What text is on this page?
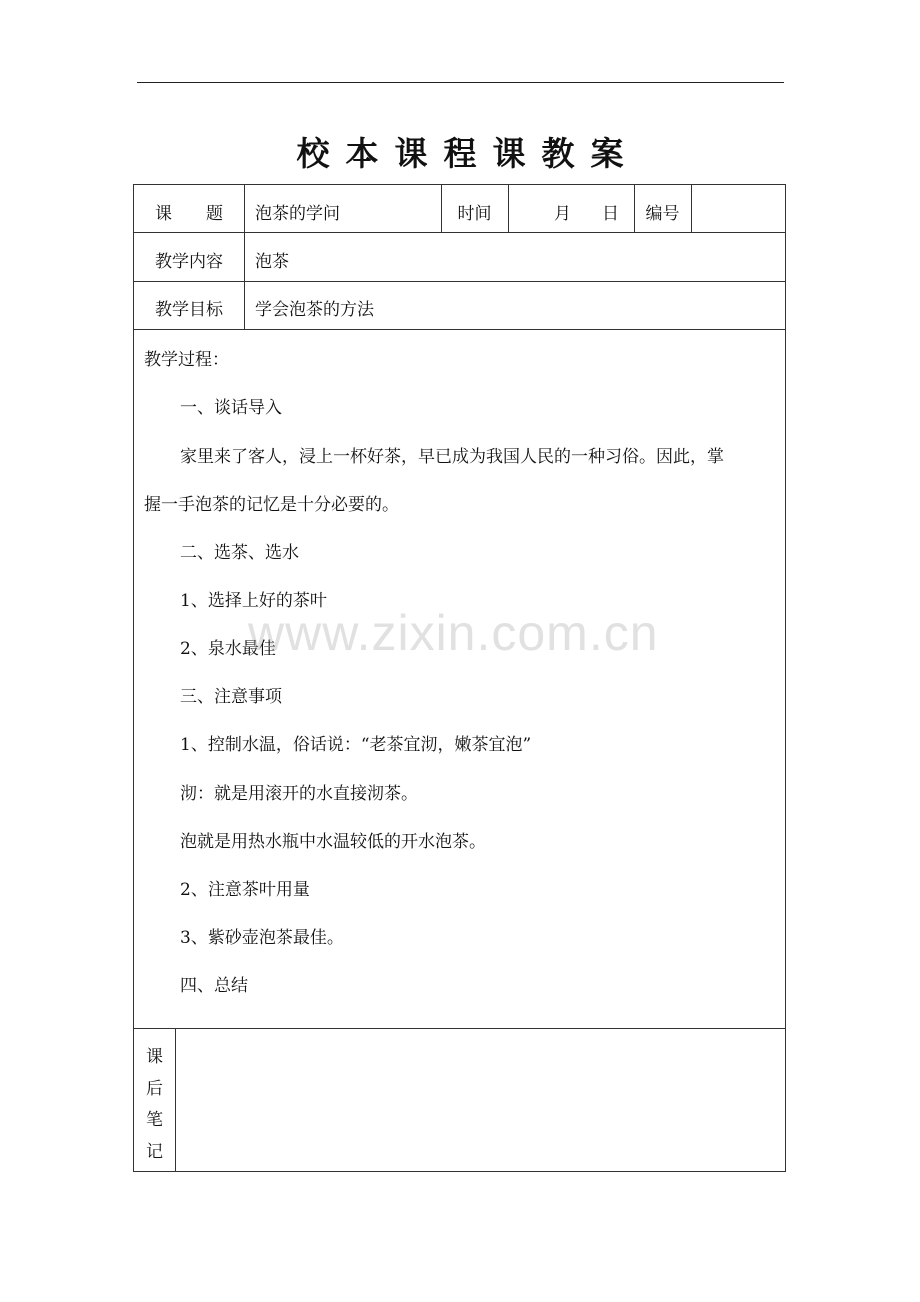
校 本 课 程 课 教 案
课　　题	泡茶的学问	时间	月 日	编号
教学内容	泡茶
教学目标	学会泡茶的方法
教学过程：
一、谈话导入
家里来了客人，浸上一杯好茶，早已成为我国人民的一种习俗。因此，掌
握一手泡茶的记忆是十分必要的。
二、选茶、选水
1、选择上好的茶叶
2、泉水最佳
三、注意事项
1、控制水温，俗话说：“老茶宜沏，嫩茶宜泡”
沏：就是用滚开的水直接沏茶。
泡就是用热水瓶中水温较低的开水泡茶。
2、注意茶叶用量
3、紫砂壶泡茶最佳。
四、总结
课
后
笔
记
www.zixin.com.cn
